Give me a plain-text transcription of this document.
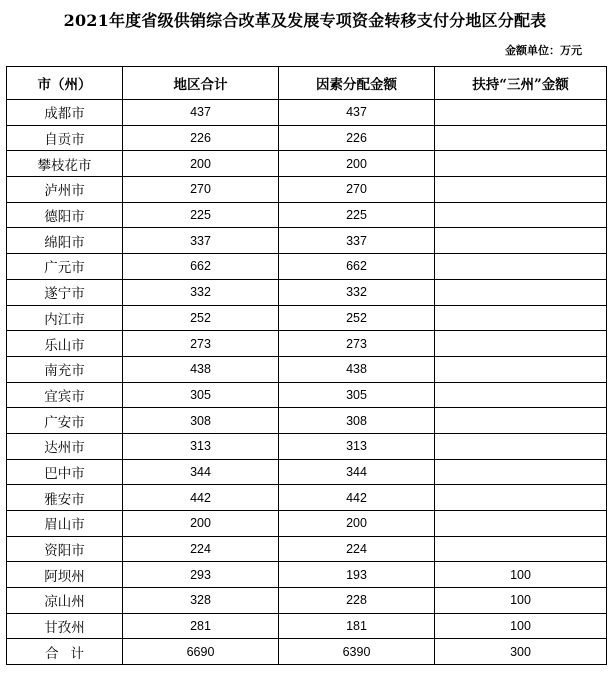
2021年度省级供销综合改革及发展专项资金转移支付分地区分配表
金额单位：万元
市（州）	地区合计	因素分配金额	扶持“三州”金额
成都市	437	437	
自贡市	226	226	
攀枝花市	200	200	
泸州市	270	270	
德阳市	225	225	
绵阳市	337	337	
广元市	662	662	
遂宁市	332	332	
内江市	252	252	
乐山市	273	273	
南充市	438	438	
宜宾市	305	305	
广安市	308	308	
达州市	313	313	
巴中市	344	344	
雅安市	442	442	
眉山市	200	200	
资阳市	224	224	
阿坝州	293	193	100
凉山州	328	228	100
甘孜州	281	181	100
合计	6690	6390	300
